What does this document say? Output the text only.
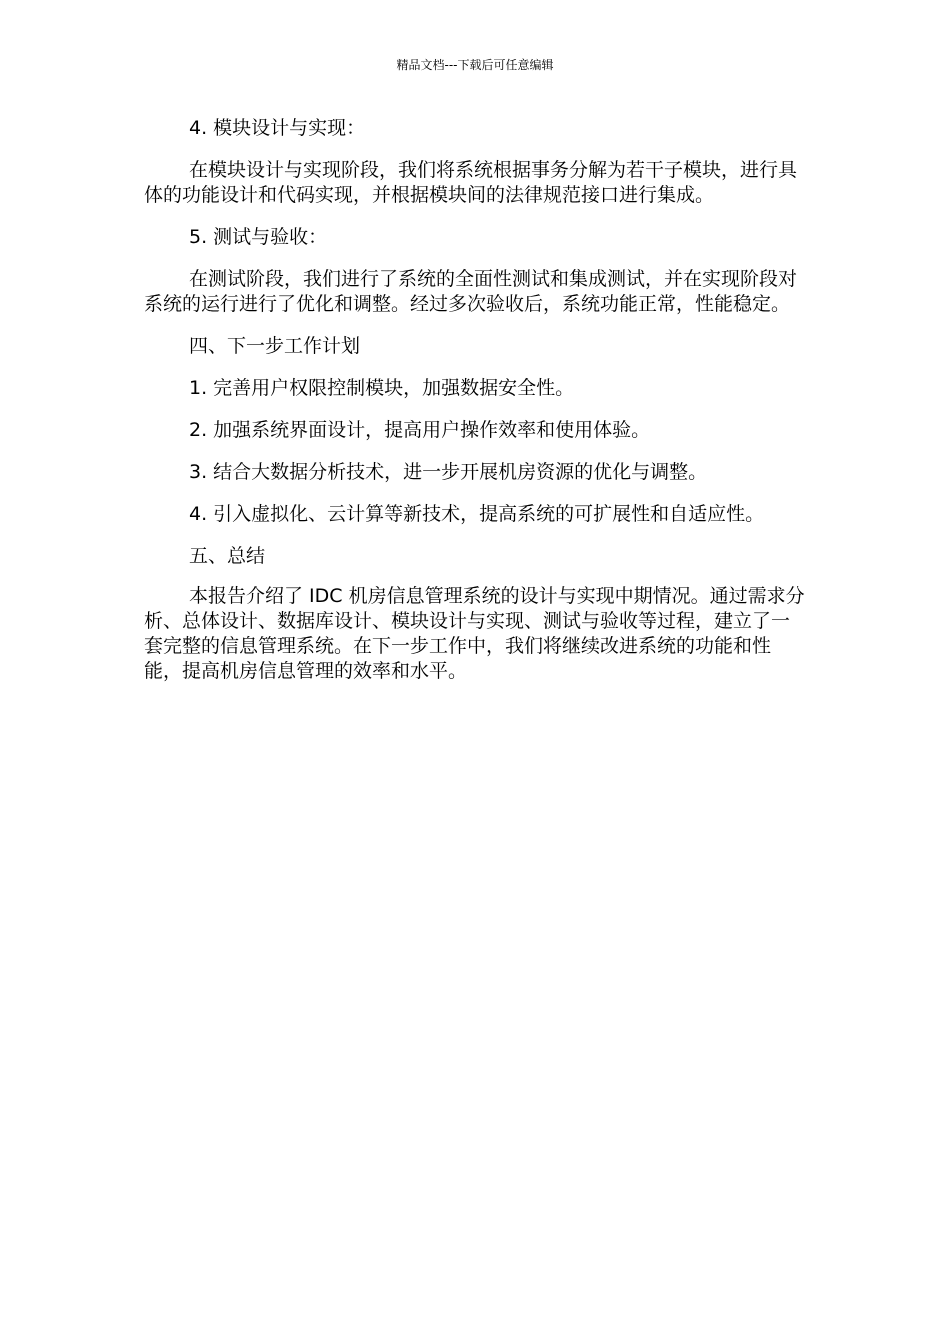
精品文档---下载后可任意编辑

4. 模块设计与实现：

在模块设计与实现阶段，我们将系统根据事务分解为若干子模块，进行具体的功能设计和代码实现，并根据模块间的法律规范接口进行集成。

5. 测试与验收：

在测试阶段，我们进行了系统的全面性测试和集成测试，并在实现阶段对系统的运行进行了优化和调整。经过多次验收后，系统功能正常，性能稳定。

四、下一步工作计划

1. 完善用户权限控制模块，加强数据安全性。

2. 加强系统界面设计，提高用户操作效率和使用体验。

3. 结合大数据分析技术，进一步开展机房资源的优化与调整。

4. 引入虚拟化、云计算等新技术，提高系统的可扩展性和自适应性。

五、总结

本报告介绍了 IDC 机房信息管理系统的设计与实现中期情况。通过需求分析、总体设计、数据库设计、模块设计与实现、测试与验收等过程，建立了一套完整的信息管理系统。在下一步工作中，我们将继续改进系统的功能和性能，提高机房信息管理的效率和水平。
